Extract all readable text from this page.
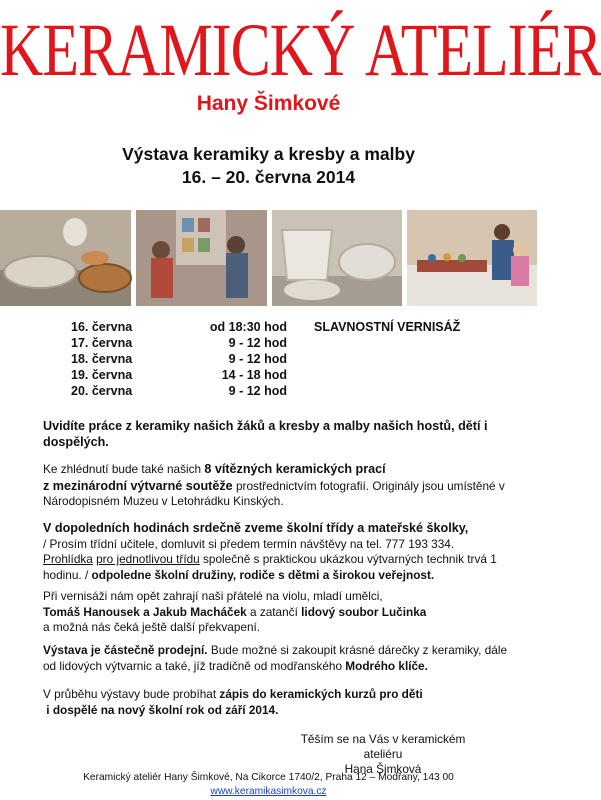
KERAMICKÝ ATELIÉR
Hany Šimkové
Výstava keramiky a kresby a malby
16. – 20. června 2014
16. června	od 18:30 hod SLAVNOSTNÍ VERNISÁŽ
17. června	9 - 12 hod
18. června	9 - 12 hod
19. června	14 - 18 hod
20. června	9 - 12 hod
Uvidíte práce z keramiky našich žáků a kresby a malby našich hostů, dětí i dospělých.
Ke zhlédnutí bude také našich 8 vítězných keramických prací
z mezinárodní výtvarné soutěže prostřednictvím fotografií. Originály jsou umístěné v Národopisném Muzeu v Letohrádku Kinských.
V dopoledních hodinách srdečně zveme školní třídy a mateřské školky,
/ Prosím třídní učitele, domluvit si předem termín návštěvy na tel. 777 193 334.
Prohlídka pro jednotlivou třídu společně s praktickou ukázkou výtvarných technik trvá 1 hodinu. / odpoledne školní družiny, rodiče s dětmi a širokou veřejnost.
Při vernisáži nám opět zahrají naši přátelé na violu, mladí umělci,
Tomáš Hanousek a Jakub Macháček a zatančí lidový soubor Lučinka
a možná nás čeká ještě další překvapení.
Výstava je částečně prodejní. Bude možné si zakoupit krásné dárečky z keramiky, dále od lidových výtvarnic a také, jíž tradičně od modřanského Modrého klíče.
V průběhu výstavy bude probíhat zápis do keramických kurzů pro děti
i dospělé na nový školní rok od září 2014.
Těším se na Vás v keramickém ateliéru
Hana Šimková
Keramický ateliér Hany Šimkové, Na Cikorce 1740/2, Praha 12 – Modřany, 143 00
www.keramikasimkova.cz
